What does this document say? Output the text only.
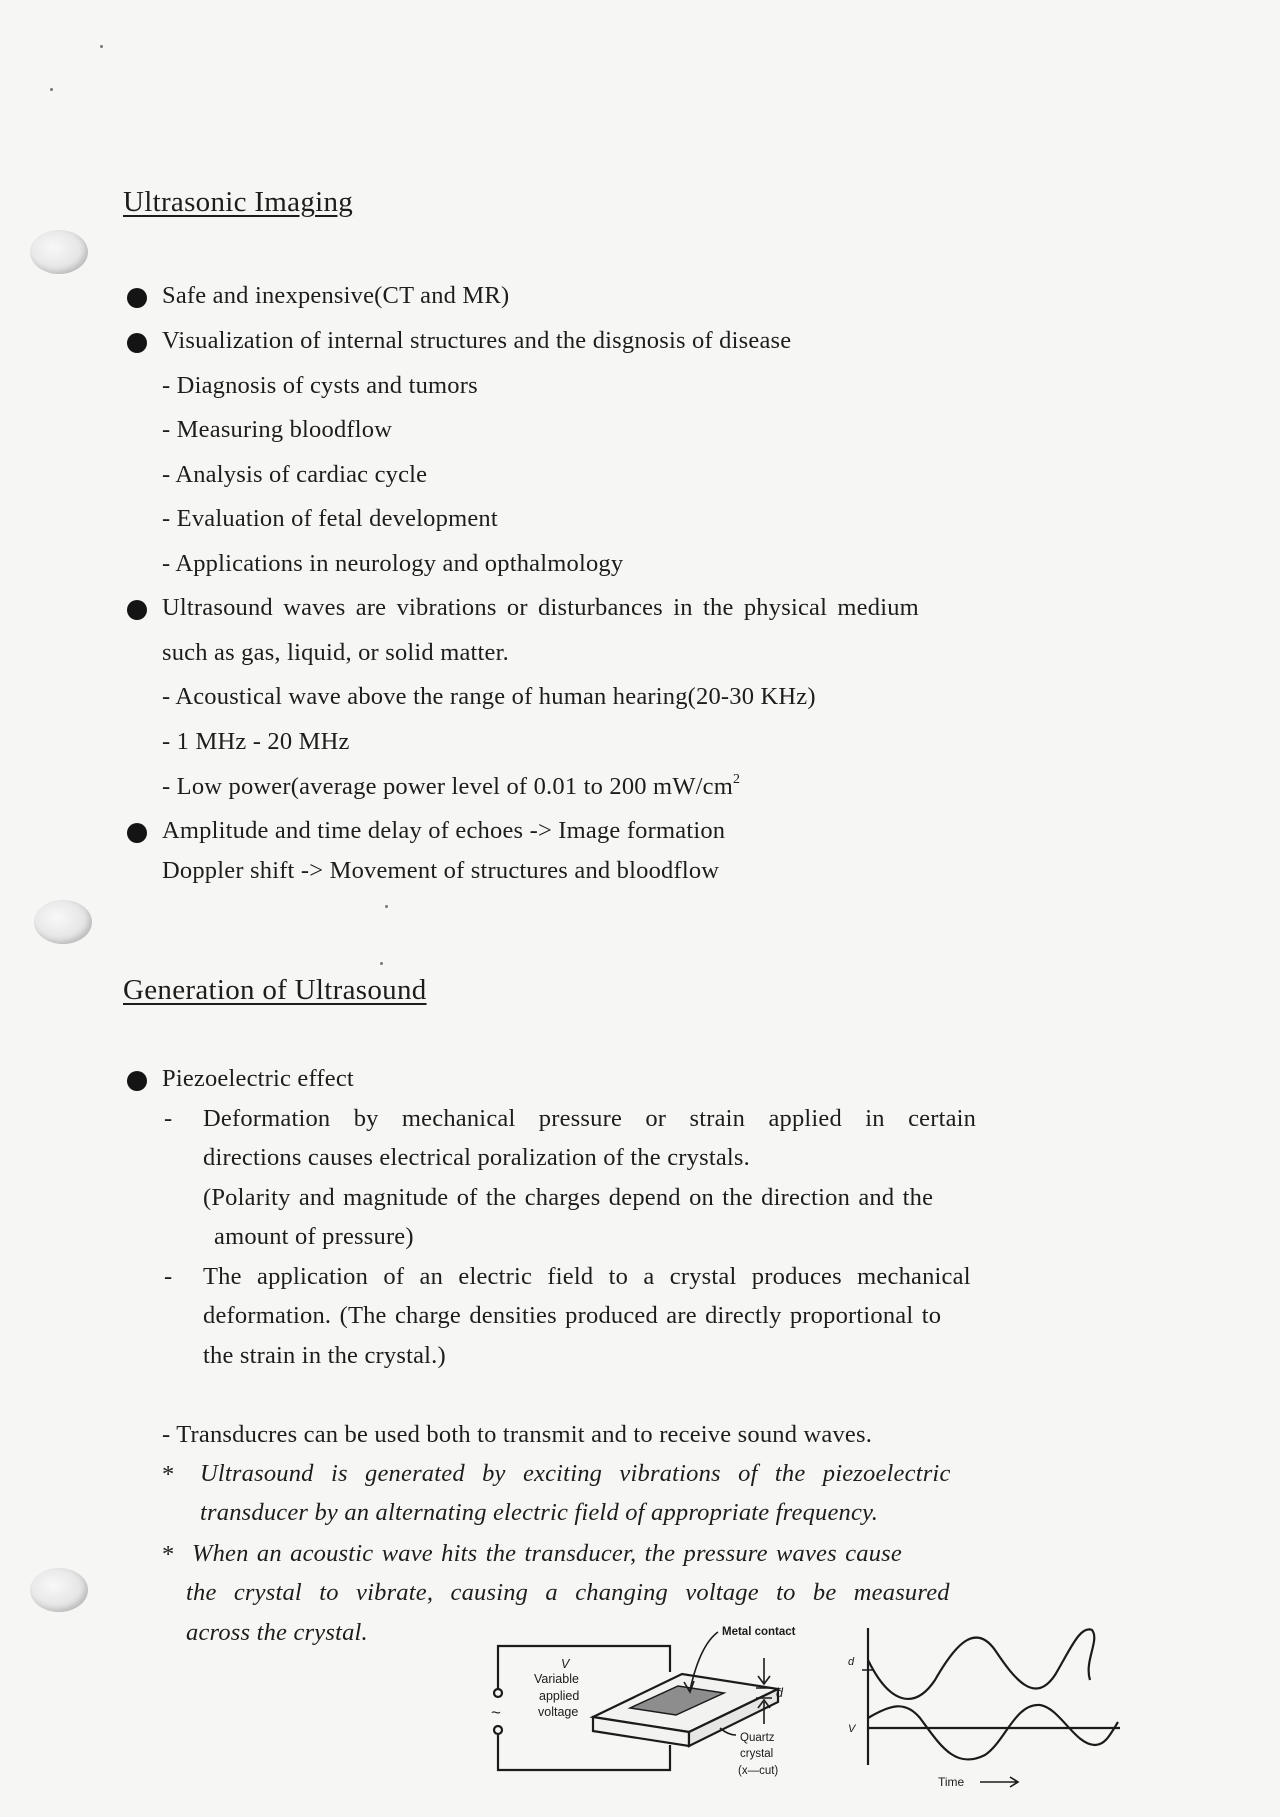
Ultrasonic Imaging
Safe and inexpensive(CT and MR)
Visualization of internal structures and the disgnosis of disease
- Diagnosis of cysts and tumors
- Measuring bloodflow
- Analysis of cardiac cycle
- Evaluation of fetal development
- Applications in neurology and opthalmology
Ultrasound waves are vibrations or disturbances in the physical medium
such as gas, liquid, or solid matter.
- Acoustical wave above the range of human hearing(20-30 KHz)
- 1 MHz - 20 MHz
- Low power(average power level of 0.01 to 200 $mW/cm^2$
Amplitude and time delay of echoes -> Image formation
Doppler shift -> Movement of structures and bloodflow
Generation of Ultrasound
Piezoelectric effect
- Deformation by mechanical pressure or strain applied in certain
directions causes electrical poralization of the crystals.
(Polarity and magnitude of the charges depend on the direction and the
amount of pressure)
- The application of an electric field to a crystal produces mechanical
deformation. (The charge densities produced are directly proportional to
the strain in the crystal.)
- Transducres can be used both to transmit and to receive sound waves.
* Ultrasound is generated by exciting vibrations of the piezoelectric
transducer by an alternating electric field of appropriate frequency.
* When an acoustic wave hits the transducer, the pressure waves cause
the crystal to vibrate, causing a changing voltage to be measured
across the crystal.
V
Variable
applied
voltage
~
Metal contact
d
Quartz
crystal
(x—cut)
d
V
Time
